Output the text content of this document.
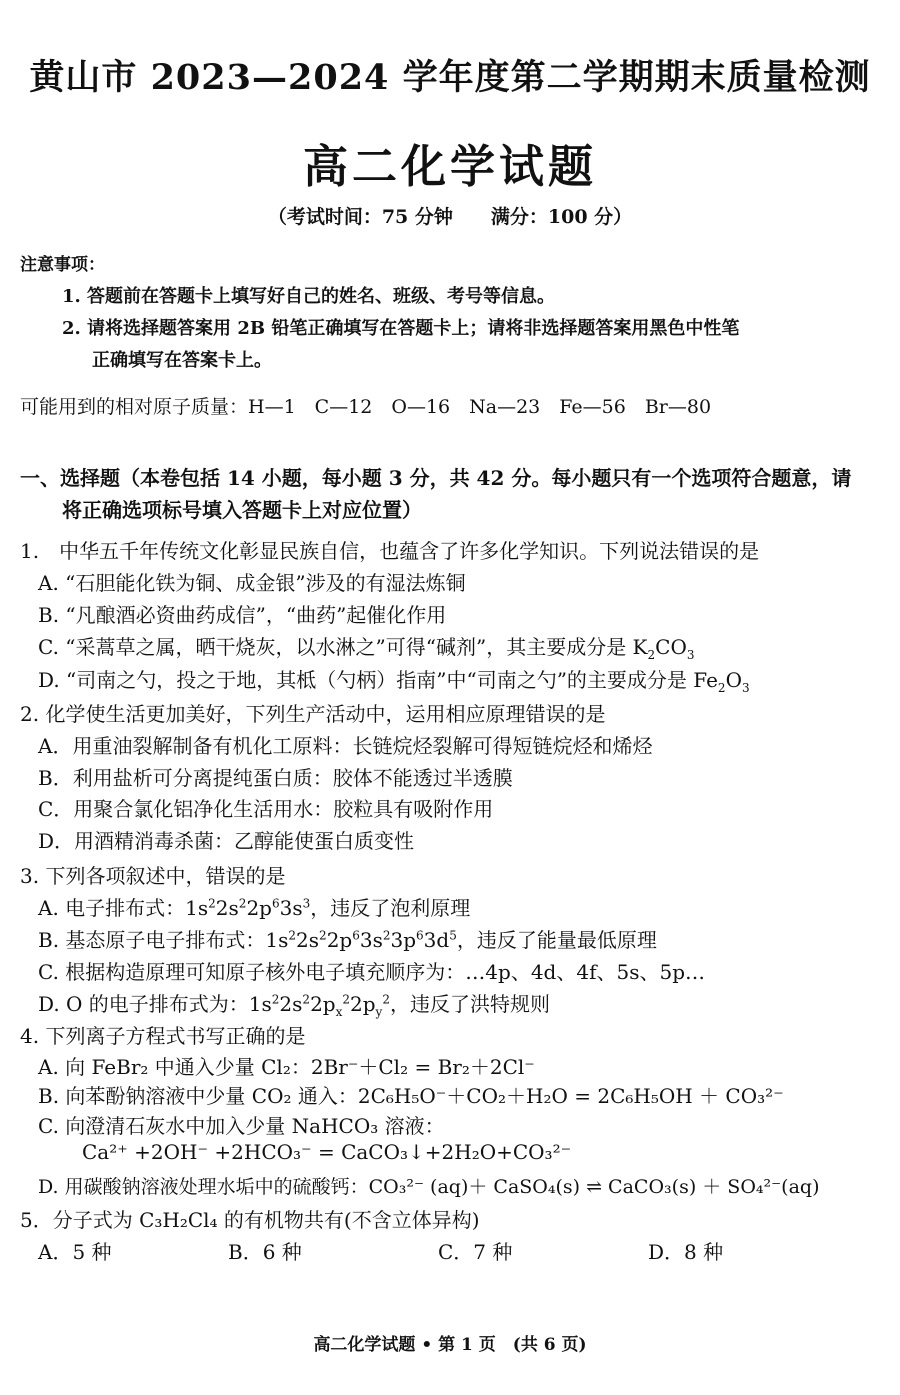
黄山市 2023—2024 学年度第二学期期末质量检测
高二化学试题
（考试时间：75 分钟　　满分：100 分）
注意事项：
1. 答题前在答题卡上填写好自己的姓名、班级、考号等信息。
2. 请将选择题答案用 2B 铅笔正确填写在答题卡上；请将非选择题答案用黑色中性笔
正确填写在答案卡上。
可能用到的相对原子质量：H—1　C—12　O—16　Na—23　Fe—56　Br—80
一、选择题（本卷包括 14 小题，每小题 3 分，共 42 分。每小题只有一个选项符合题意，请
将正确选项标号填入答题卡上对应位置）
1.　中华五千年传统文化彰显民族自信，也蕴含了许多化学知识。下列说法错误的是
A. “石胆能化铁为铜、成金银”涉及的有湿法炼铜
B. “凡酿酒必资曲药成信”，“曲药”起催化作用
C. “采蒿草之属，晒干烧灰，以水淋之”可得“碱剂”，其主要成分是 $K_2CO_3$
D. “司南之勺，投之于地，其柢（勺柄）指南”中“司南之勺”的主要成分是 $Fe_2O_3$
2. 化学使生活更加美好，下列生产活动中，运用相应原理错误的是
A．用重油裂解制备有机化工原料：长链烷烃裂解可得短链烷烃和烯烃
B．利用盐析可分离提纯蛋白质：胶体不能透过半透膜
C．用聚合氯化铝净化生活用水：胶粒具有吸附作用
D．用酒精消毒杀菌：乙醇能使蛋白质变性
3. 下列各项叙述中，错误的是
A. 电子排布式：$1s^22s^22p^63s^3$，违反了泡利原理
B. 基态原子电子排布式：$1s^22s^22p^63s^23p^63d^5$，违反了能量最低原理
C. 根据构造原理可知原子核外电子填充顺序为：…4p、4d、4f、5s、5p…
D. O 的电子排布式为：$1s^22s^22p_x^22p_y^2$，违反了洪特规则
4. 下列离子方程式书写正确的是
A. 向 FeBr₂ 中通入少量 Cl₂：2Br⁻＋Cl₂ = Br₂＋2Cl⁻
B. 向苯酚钠溶液中少量 CO₂ 通入：2C₆H₅O⁻＋CO₂＋H₂O = 2C₆H₅OH ＋ CO₃²⁻
C. 向澄清石灰水中加入少量 NaHCO₃ 溶液：
Ca²⁺ +2OH⁻ +2HCO₃⁻ = CaCO₃↓+2H₂O+CO₃²⁻
D. 用碳酸钠溶液处理水垢中的硫酸钙：CO₃²⁻ (aq)＋ CaSO₄(s) ⇌ CaCO₃(s) ＋ SO₄²⁻(aq)
5．分子式为 C₃H₂Cl₄ 的有机物共有(不含立体异构)
A．5 种	B．6 种	C．7 种	D．8 种
高二化学试题 • 第 1 页　(共 6 页)
